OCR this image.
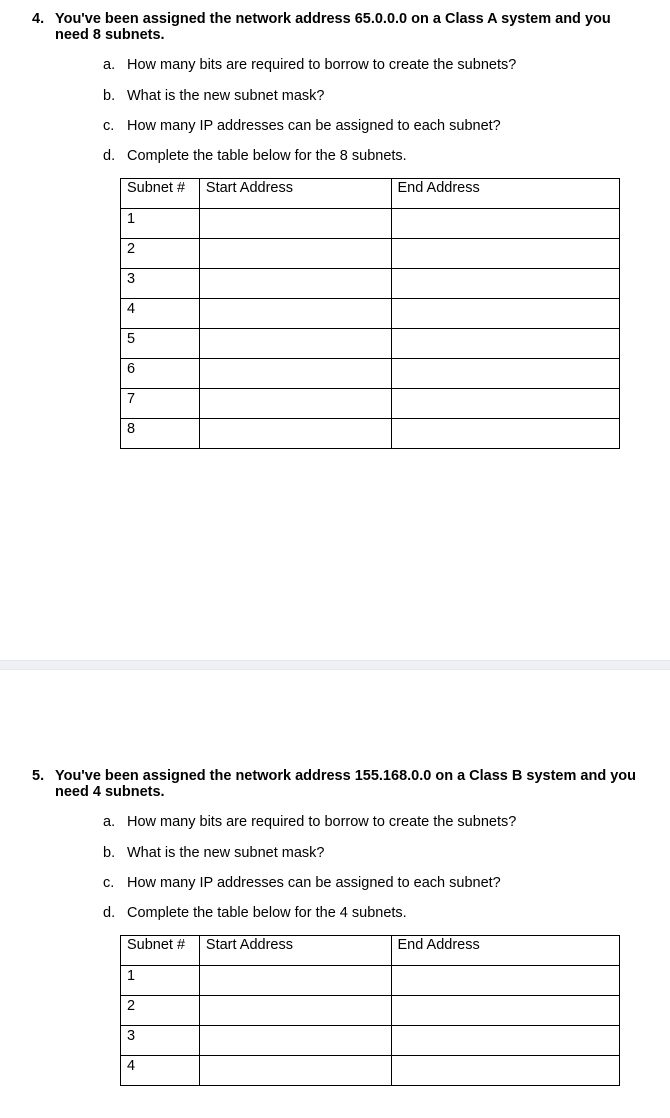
4. You've been assigned the network address 65.0.0.0 on a Class A system and you need 8 subnets.
a. How many bits are required to borrow to create the subnets?
b. What is the new subnet mask?
c. How many IP addresses can be assigned to each subnet?
d. Complete the table below for the 8 subnets.
Subnet #	Start Address	End Address
1		
2		
3		
4		
5		
6		
7		
8		
5. You've been assigned the network address 155.168.0.0 on a Class B system and you need 4 subnets.
a. How many bits are required to borrow to create the subnets?
b. What is the new subnet mask?
c. How many IP addresses can be assigned to each subnet?
d. Complete the table below for the 4 subnets.
Subnet #	Start Address	End Address
1		
2		
3		
4		
